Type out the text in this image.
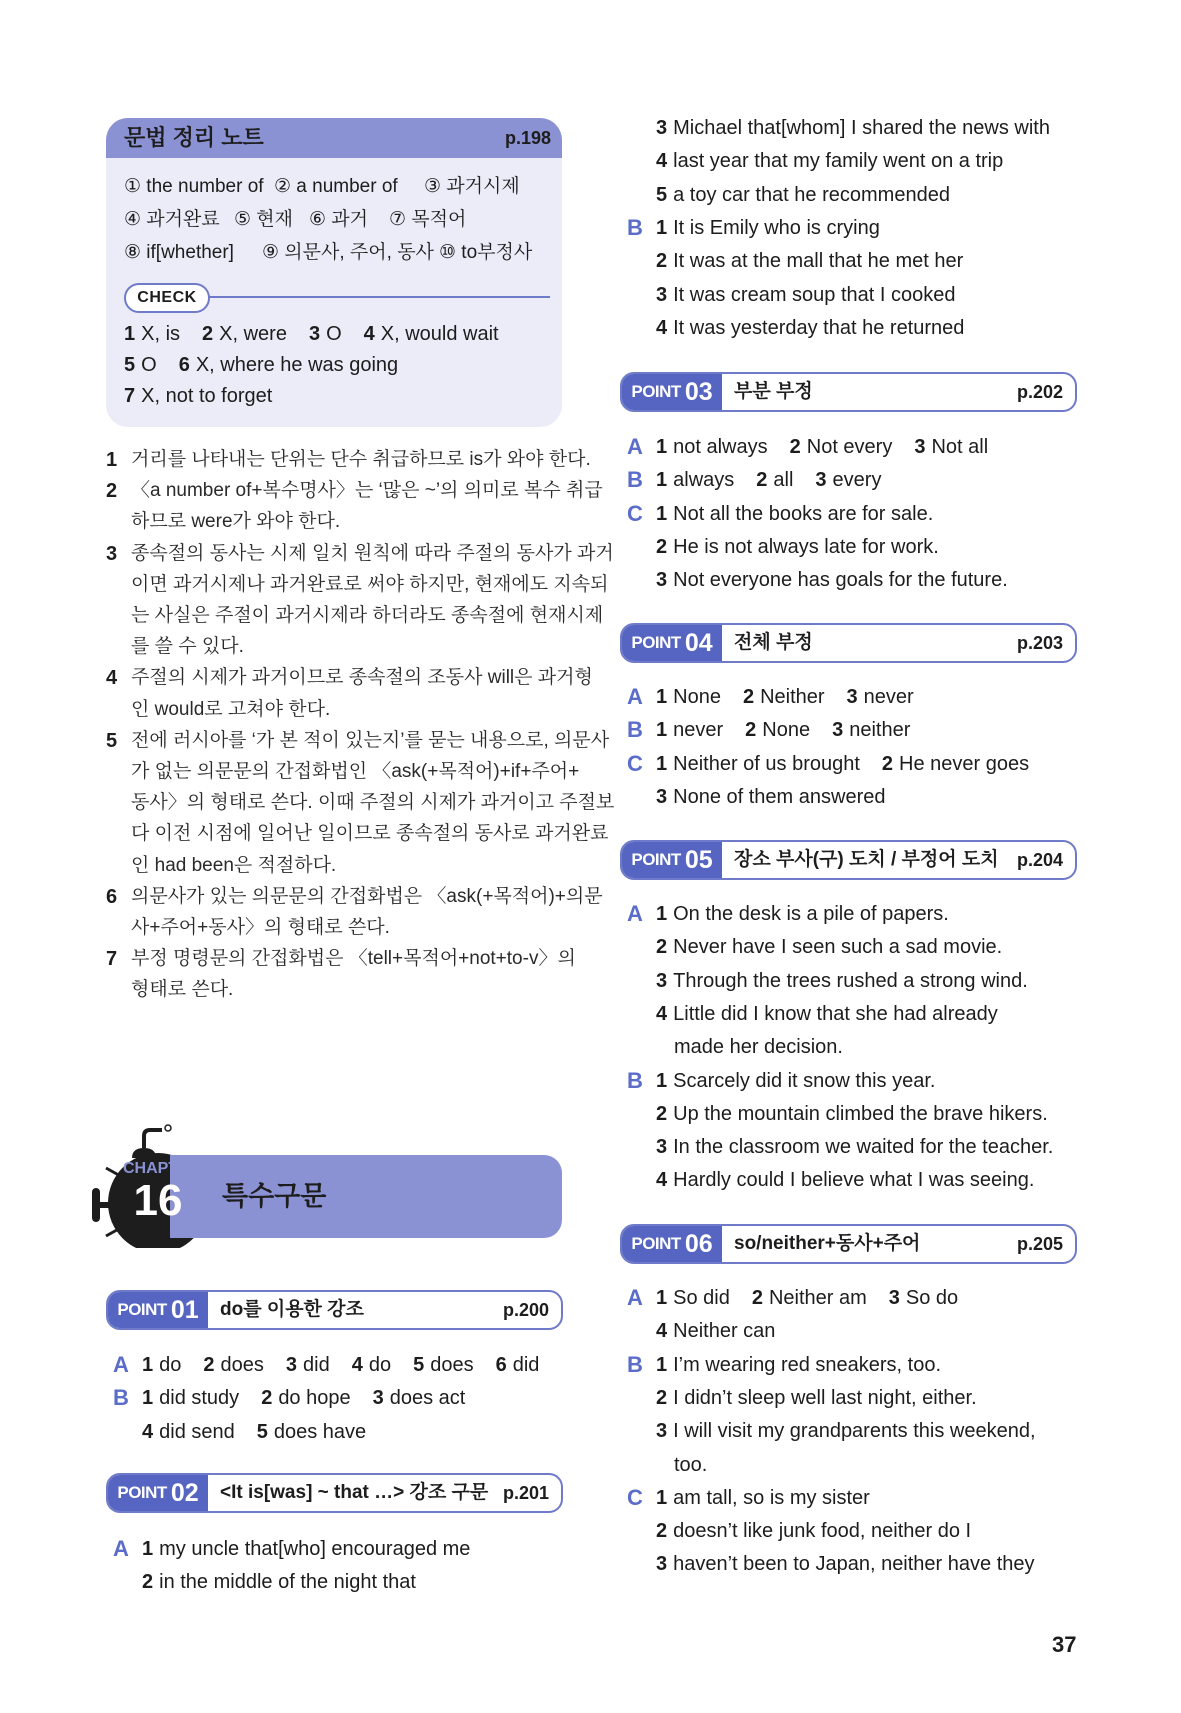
문법 정리 노트	p.198
① the number of ② a number of ③ 과거시제
④ 과거완료 ⑤ 현재 ⑥ 과거 ⑦ 목적어
⑧ if[whether] ⑨ 의문사, 주어, 동사 ⑩ to부정사
CHECK
1 X, is 2 X, were 3 O 4 X, would wait
5 O 6 X, where he was going
7 X, not to forget
1 거리를 나타내는 단위는 단수 취급하므로 is가 와야 한다.
2 〈a number of+복수명사〉는 ‘많은 ~’의 의미로 복수 취급
하므로 were가 와야 한다.
3 종속절의 동사는 시제 일치 원칙에 따라 주절의 동사가 과거
이면 과거시제나 과거완료로 써야 하지만, 현재에도 지속되
는 사실은 주절이 과거시제라 하더라도 종속절에 현재시제
를 쓸 수 있다.
4 주절의 시제가 과거이므로 종속절의 조동사 will은 과거형
인 would로 고쳐야 한다.
5 전에 러시아를 ‘가 본 적이 있는지’를 묻는 내용으로, 의문사
가 없는 의문문의 간접화법인 〈ask(+목적어)+if+주어+
동사〉의 형태로 쓴다. 이때 주절의 시제가 과거이고 주절보
다 이전 시점에 일어난 일이므로 종속절의 동사로 과거완료
인 had been은 적절하다.
6 의문사가 있는 의문문의 간접화법은 〈ask(+목적어)+의문
사+주어+동사〉의 형태로 쓴다.
7 부정 명령문의 간접화법은 〈tell+목적어+not+to-v〉의
형태로 쓴다.
CHAPTER
16	특수구문
POINT 01 do를 이용한 강조	p.200
A 1 do 2 does 3 did 4 do 5 does 6 did
B 1 did study 2 do hope 3 does act
4 did send 5 does have
POINT 02 <It is[was] ~ that …> 강조 구문 p.201
A 1 my uncle that[who] encouraged me
2 in the middle of the night that
3 Michael that[whom] I shared the news with
4 last year that my family went on a trip
5 a toy car that he recommended
B 1 It is Emily who is crying
2 It was at the mall that he met her
3 It was cream soup that I cooked
4 It was yesterday that he returned
POINT 03 부분 부정	p.202
A 1 not always 2 Not every 3 Not all
B 1 always 2 all 3 every
C 1 Not all the books are for sale.
2 He is not always late for work.
3 Not everyone has goals for the future.
POINT 04 전체 부정	p.203
A 1 None 2 Neither 3 never
B 1 never 2 None 3 neither
C 1 Neither of us brought 2 He never goes
3 None of them answered
POINT 05 장소 부사(구) 도치 / 부정어 도치 p.204
A 1 On the desk is a pile of papers.
2 Never have I seen such a sad movie.
3 Through the trees rushed a strong wind.
4 Little did I know that she had already
made her decision.
B 1 Scarcely did it snow this year.
2 Up the mountain climbed the brave hikers.
3 In the classroom we waited for the teacher.
4 Hardly could I believe what I was seeing.
POINT 06 so/neither+동사+주어	p.205
A 1 So did 2 Neither am 3 So do
4 Neither can
B 1 I’m wearing red sneakers, too.
2 I didn’t sleep well last night, either.
3 I will visit my grandparents this weekend,
too.
C 1 am tall, so is my sister
2 doesn’t like junk food, neither do I
3 haven’t been to Japan, neither have they
37
